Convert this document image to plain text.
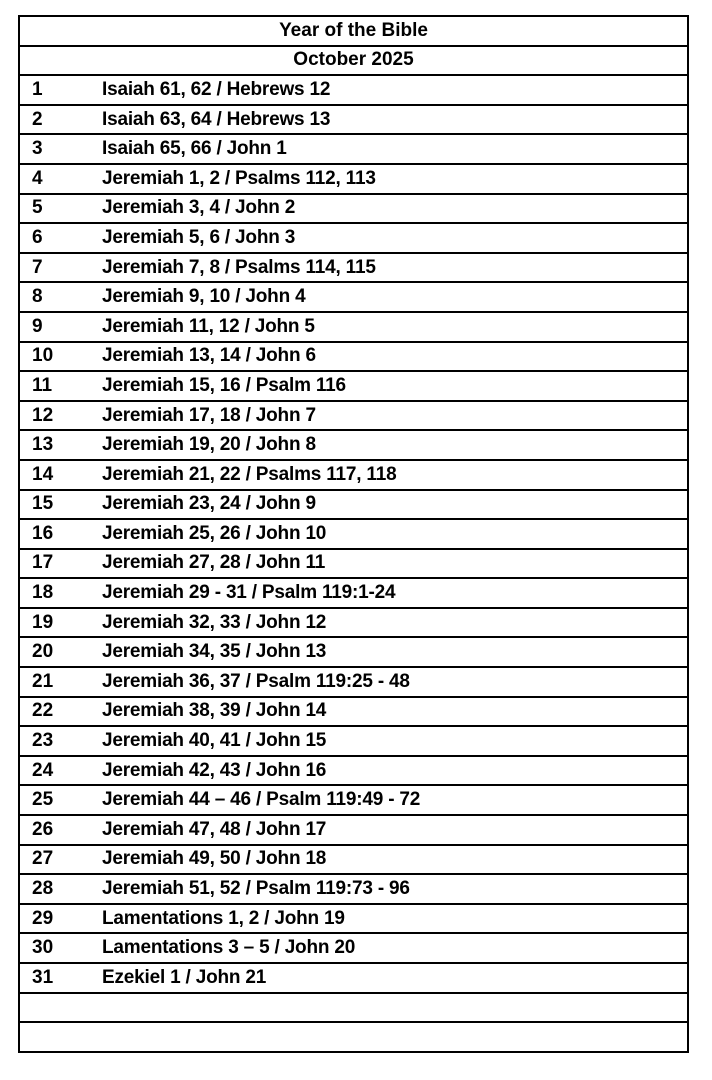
Year of the Bible
October 2025
1	Isaiah 61, 62 / Hebrews 12
2	Isaiah 63, 64 / Hebrews 13
3	Isaiah 65, 66 / John 1
4	Jeremiah 1, 2 / Psalms 112, 113
5	Jeremiah 3, 4 / John 2
6	Jeremiah 5, 6 / John 3
7	Jeremiah 7, 8 / Psalms 114, 115
8	Jeremiah 9, 10 / John 4
9	Jeremiah 11, 12 / John 5
10	Jeremiah 13, 14 / John 6
11	Jeremiah 15, 16 / Psalm 116
12	Jeremiah 17, 18 / John 7
13	Jeremiah 19, 20 / John 8
14	Jeremiah 21, 22 / Psalms 117, 118
15	Jeremiah 23, 24 / John 9
16	Jeremiah 25, 26 / John 10
17	Jeremiah 27, 28 / John 11
18	Jeremiah 29 - 31 / Psalm 119:1-24
19	Jeremiah 32, 33 / John 12
20	Jeremiah 34, 35 / John 13
21	Jeremiah 36, 37 / Psalm 119:25 - 48
22	Jeremiah 38, 39 / John 14
23	Jeremiah 40, 41 / John 15
24	Jeremiah 42, 43 / John 16
25	Jeremiah 44 – 46 / Psalm 119:49 - 72
26	Jeremiah 47, 48 / John 17
27	Jeremiah 49, 50 / John 18
28	Jeremiah 51, 52 / Psalm 119:73 - 96
29	Lamentations 1, 2 / John 19
30	Lamentations 3 – 5 / John 20
31	Ezekiel 1 / John 21
